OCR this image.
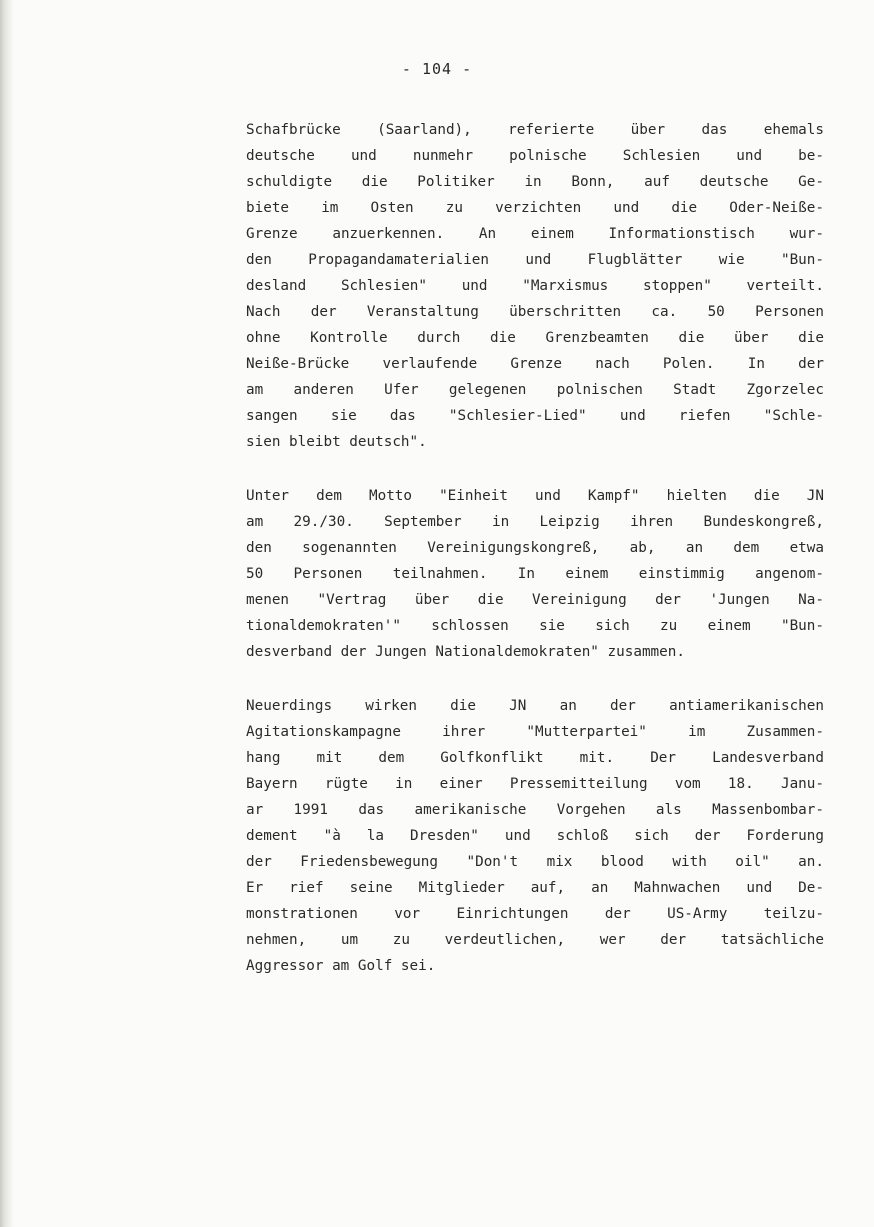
- 104 -
Schafbrücke (Saarland), referierte über das ehemals
deutsche und nunmehr polnische Schlesien und be-
schuldigte die Politiker in Bonn, auf deutsche Ge-
biete im Osten zu verzichten und die Oder-Neiße-
Grenze anzuerkennen. An einem Informationstisch wur-
den Propagandamaterialien und Flugblätter wie "Bun-
desland Schlesien" und "Marxismus stoppen" verteilt.
Nach der Veranstaltung überschritten ca. 50 Personen
ohne Kontrolle durch die Grenzbeamten die über die
Neiße-Brücke verlaufende Grenze nach Polen. In der
am anderen Ufer gelegenen polnischen Stadt Zgorzelec
sangen sie das "Schlesier-Lied" und riefen "Schle-
sien bleibt deutsch".
Unter dem Motto "Einheit und Kampf" hielten die JN
am 29./30. September in Leipzig ihren Bundeskongreß,
den sogenannten Vereinigungskongreß, ab, an dem etwa
50 Personen teilnahmen. In einem einstimmig angenom-
menen "Vertrag über die Vereinigung der 'Jungen Na-
tionaldemokraten'" schlossen sie sich zu einem "Bun-
desverband der Jungen Nationaldemokraten" zusammen.
Neuerdings wirken die JN an der antiamerikanischen
Agitationskampagne ihrer "Mutterpartei" im Zusammen-
hang mit dem Golfkonflikt mit. Der Landesverband
Bayern rügte in einer Pressemitteilung vom 18. Janu-
ar 1991 das amerikanische Vorgehen als Massenbombar-
dement "à la Dresden" und schloß sich der Forderung
der Friedensbewegung "Don't mix blood with oil" an.
Er rief seine Mitglieder auf, an Mahnwachen und De-
monstrationen vor Einrichtungen der US-Army teilzu-
nehmen, um zu verdeutlichen, wer der tatsächliche
Aggressor am Golf sei.
